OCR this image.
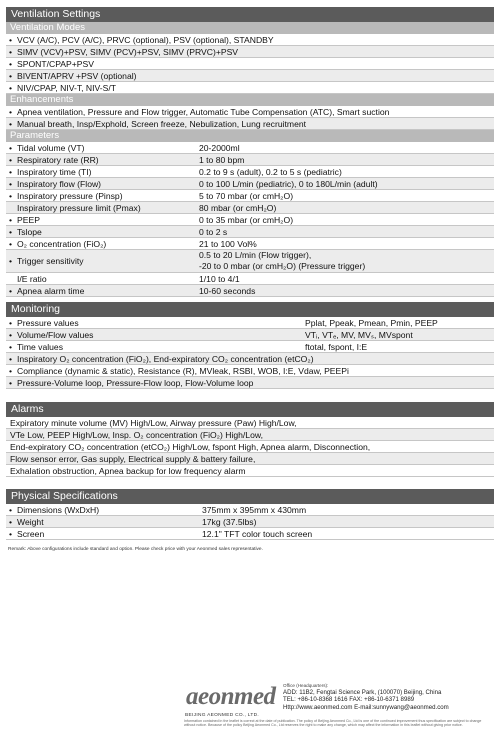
Ventilation Settings
Ventilation Modes
• VCV (A/C), PCV (A/C), PRVC (optional), PSV (optional), STANDBY
• SIMV (VCV)+PSV, SIMV (PCV)+PSV, SIMV (PRVC)+PSV
• SPONT/CPAP+PSV
• BIVENT/APRV +PSV (optional)
• NIV/CPAP, NIV-T, NIV-S/T
Enhancements
• Apnea ventilation, Pressure and Flow trigger, Automatic Tube Compensation (ATC), Smart suction
• Manual breath, Insp/Exphold, Screen freeze, Nebulization, Lung recruitment
Parameters
• Tidal volume (VT)	20-2000ml
• Respiratory rate (RR)	1 to 80 bpm
• Inspiratory time (TI)	0.2 to 9 s (adult), 0.2 to 5 s (pediatric)
• Inspiratory flow (Flow)	0 to 100 L/min (pediatric), 0 to 180L/min (adult)
• Inspiratory pressure (Pinsp)	5 to 70 mbar (or cmH₂O)
Inspiratory pressure limit (Pmax)	80 mbar (or cmH₂O)
• PEEP	0 to 35 mbar (or cmH₂O)
• Tslope	0 to 2 s
• O₂ concentration (FiO₂)	21 to 100 Vol%
• Trigger sensitivity
0.5 to 20 L/min (Flow trigger),
-20 to 0 mbar (or cmH₂O) (Pressure trigger)
I/E ratio	1/10 to 4/1
• Apnea alarm time	10-60 seconds
Monitoring
• Pressure values	Pplat, Ppeak, Pmean, Pmin, PEEP
• Volume/Flow values	VTᵢ, VTₑ, MV, MVₛ, MVspont
• Time values	ftotal, fspont, I:E
• Inspiratory O₂ concentration (FiO₂), End-expiratory CO₂ concentration (etCO₂)
• Compliance (dynamic & static), Resistance (R), MVleak, RSBI, WOB, I:E, Vdaw, PEEPi
• Pressure-Volume loop, Pressure-Flow loop, Flow-Volume loop
Alarms
Expiratory minute volume (MV) High/Low, Airway pressure (Paw) High/Low,
VTe Low, PEEP High/Low, Insp. O₂ concentration (FiO₂) High/Low,
End-expiratory CO₂ concentration (etCO₂) High/Low, fspont High, Apnea alarm, Disconnection,
Flow sensor error, Gas supply, Electrical supply & battery failure,
Exhalation obstruction, Apnea backup for low frequency alarm
Physical Specifications
• Dimensions (WxDxH)	375mm x 395mm x 430mm
• Weight	17kg (37.5lbs)
• Screen	12.1" TFT color touch screen
Remark: Above configurations include standard and option. Please check price with your Aeonmed sales representative.
aeonmed
BEIJING AEONMED CO., LTD.
Office (Headquarters):
ADD: 11B2, Fengtai Science Park, (100070) Beijing, China
TEL: +86-10-8368 1616 FAX: +86-10-6371 8989
Http://www.aeonmed.com E-mail:sunnywang@aeonmed.com
Information contained in the leaflet is correct at the date of publication. The policy of Beijing Aeonmed Co., Ltd is one of the continued improvement thus specification are subject to change without notice. Because of the policy Beijing Aeonmed Co., Ltd reserves the right to make any change, which may affect the information in this leaflet without giving prior notice.
